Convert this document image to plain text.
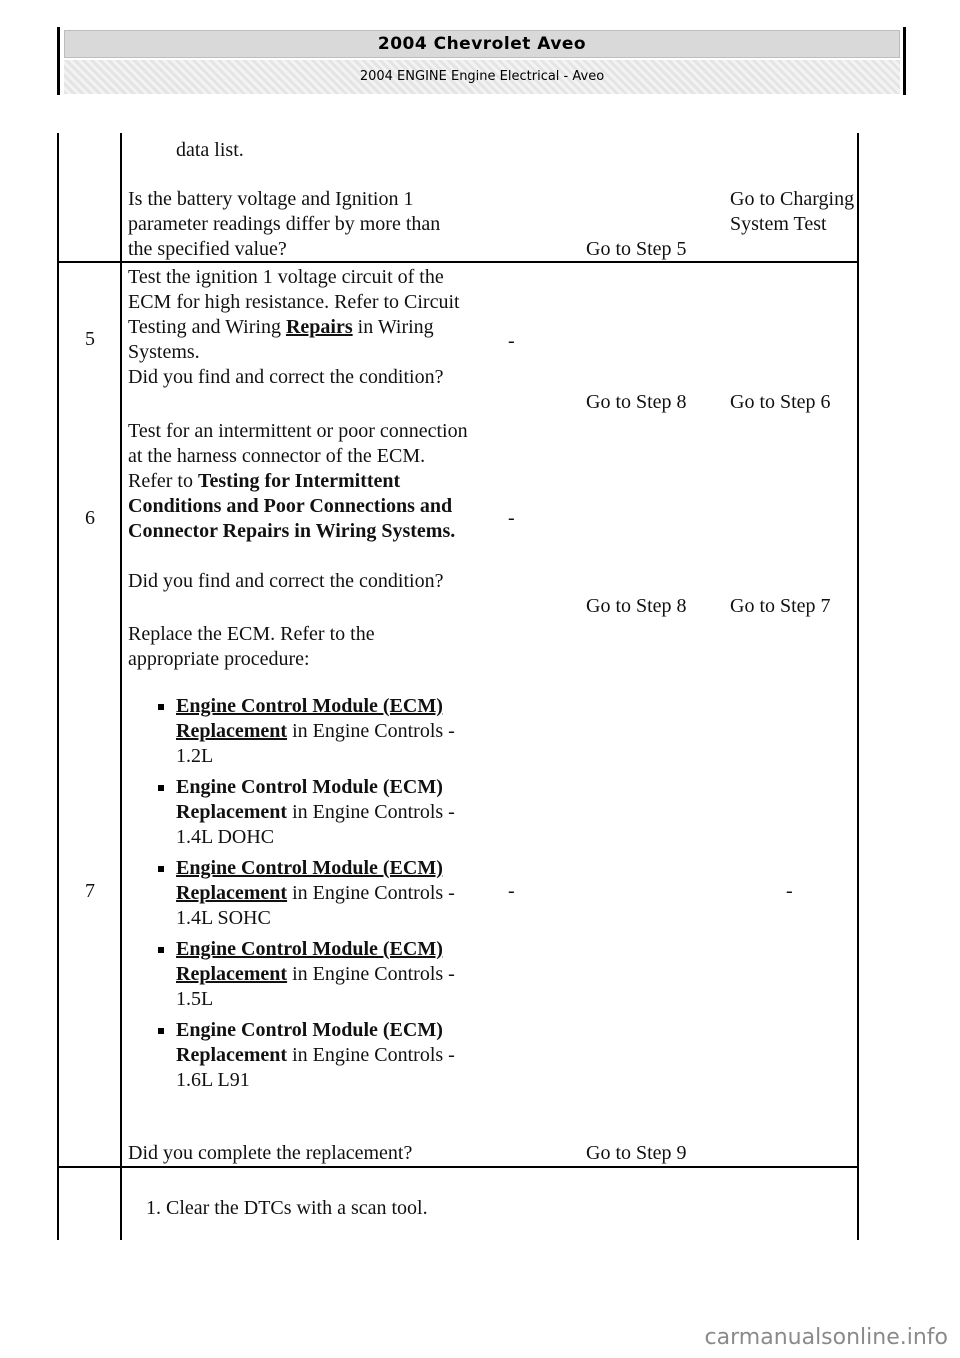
2004 Chevrolet Aveo
2004 ENGINE Engine Electrical - Aveo
data list.
Is the battery voltage and Ignition 1 parameter readings differ by more than the specified value?	Go to Step 5
Go to Charging System Test
5
Test the ignition 1 voltage circuit of the ECM for high resistance. Refer to Circuit Testing and Wiring Repairs in Wiring Systems.
Did you find and correct the condition?
-
Go to Step 8 Go to Step 6
6
Test for an intermittent or poor connection at the harness connector of the ECM. Refer to Testing for Intermittent Conditions and Poor Connections and Connector Repairs in Wiring Systems.
Did you find and correct the condition?
-
Go to Step 8 Go to Step 7
7
Replace the ECM. Refer to the appropriate procedure:
Engine Control Module (ECM) Replacement in Engine Controls - 1.2L
Engine Control Module (ECM) Replacement in Engine Controls - 1.4L DOHC
Engine Control Module (ECM) Replacement in Engine Controls - 1.4L SOHC
Engine Control Module (ECM) Replacement in Engine Controls - 1.5L
Engine Control Module (ECM) Replacement in Engine Controls - 1.6L L91
Did you complete the replacement?
-
Go to Step 9
-
1. Clear the DTCs with a scan tool.
carmanualsonline.info
